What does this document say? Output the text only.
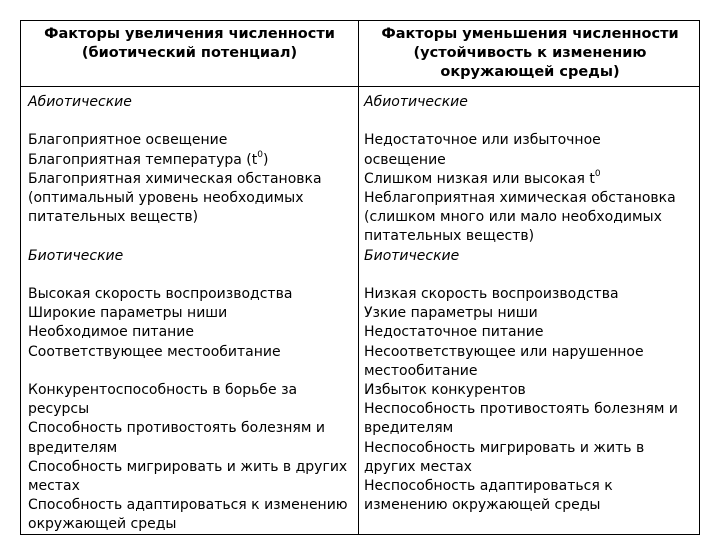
Факторы увеличения численности
(биотический потенциал)
Факторы уменьшения численности
(устойчивость к изменению
окружающей среды)
Абиотические
Благоприятное освещение
Благоприятная температура $(t^0)$
Благоприятная химическая обстановка
(оптимальный уровень необходимых
питательных веществ)
Биотические
Высокая скорость воспроизводства
Широкие параметры ниши
Необходимое питание
Соответствующее местообитание
Конкурентоспособность в борьбе за
ресурсы
Способность противостоять болезням и
вредителям
Способность мигрировать и жить в других
местах
Способность адаптироваться к изменению
окружающей среды
Абиотические
Недостаточное или избыточное
освещение
Слишком низкая или высокая $t^0$
Неблагоприятная химическая обстановка
(слишком много или мало необходимых
питательных веществ)
Биотические
Низкая скорость воспроизводства
Узкие параметры ниши
Недостаточное питание
Несоответствующее или нарушенное
местообитание
Избыток конкурентов
Неспособность противостоять болезням и
вредителям
Неспособность мигрировать и жить в
других местах
Неспособность адаптироваться к
изменению окружающей среды
